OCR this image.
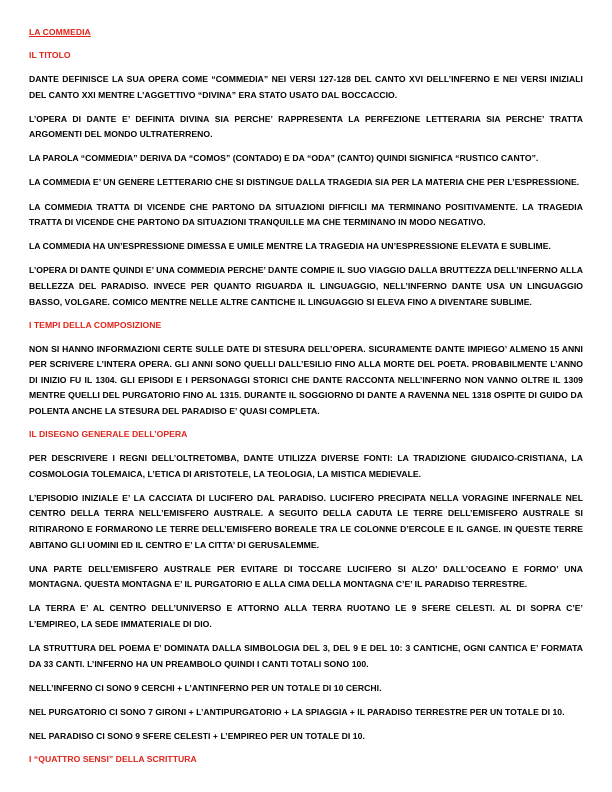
LA COMMEDIA
IL TITOLO

DANTE DEFINISCE LA SUA OPERA COME “COMMEDIA” NEI VERSI 127-128 DEL CANTO XVI DELL’INFERNO E NEI VERSI INIZIALI DEL CANTO XXI MENTRE L’AGGETTIVO “DIVINA” ERA STATO USATO DAL BOCCACCIO.

L’OPERA DI DANTE E’ DEFINITA DIVINA SIA PERCHE’ RAPPRESENTA LA PERFEZIONE LETTERARIA SIA PERCHE’ TRATTA ARGOMENTI DEL MONDO ULTRATERRENO.

LA PAROLA “COMMEDIA” DERIVA DA “COMOS” (CONTADO) E DA “ODA” (CANTO) QUINDI SIGNIFICA “RUSTICO CANTO”.

LA COMMEDIA E’ UN GENERE LETTERARIO CHE SI DISTINGUE DALLA TRAGEDIA SIA PER LA MATERIA CHE PER L’ESPRESSIONE.

LA COMMEDIA TRATTA DI VICENDE CHE PARTONO DA SITUAZIONI DIFFICILI MA TERMINANO POSITIVAMENTE. LA TRAGEDIA TRATTA DI VICENDE CHE PARTONO DA SITUAZIONI TRANQUILLE MA CHE TERMINANO IN MODO NEGATIVO.

LA COMMEDIA HA UN’ESPRESSIONE DIMESSA E UMILE MENTRE LA TRAGEDIA HA UN’ESPRESSIONE ELEVATA E SUBLIME.

L’OPERA DI DANTE QUINDI E’ UNA COMMEDIA PERCHE’ DANTE COMPIE IL SUO VIAGGIO DALLA BRUTTEZZA DELL’INFERNO ALLA BELLEZZA DEL PARADISO. INVECE PER QUANTO RIGUARDA IL LINGUAGGIO, NELL’INFERNO DANTE USA UN LINGUAGGIO BASSO, VOLGARE. COMICO MENTRE NELLE ALTRE CANTICHE IL LINGUAGGIO SI ELEVA FINO A DIVENTARE SUBLIME.

I TEMPI DELLA COMPOSIZIONE

NON SI HANNO INFORMAZIONI CERTE SULLE DATE DI STESURA DELL’OPERA. SICURAMENTE DANTE IMPIEGO’ ALMENO 15 ANNI PER SCRIVERE L’INTERA OPERA. GLI ANNI SONO QUELLI DALL’ESILIO FINO ALLA MORTE DEL POETA. PROBABILMENTE L’ANNO DI INIZIO FU IL 1304. GLI EPISODI E I PERSONAGGI STORICI CHE DANTE RACCONTA NELL’INFERNO NON VANNO OLTRE IL 1309 MENTRE QUELLI DEL PURGATORIO FINO AL 1315. DURANTE IL SOGGIORNO DI DANTE A RAVENNA NEL 1318 OSPITE DI GUIDO DA POLENTA ANCHE LA STESURA DEL PARADISO E’ QUASI COMPLETA.

IL DISEGNO GENERALE DELL’OPERA

PER DESCRIVERE I REGNI DELL’OLTRETOMBA, DANTE UTILIZZA DIVERSE FONTI: LA TRADIZIONE GIUDAICO-CRISTIANA, LA COSMOLOGIA TOLEMAICA, L’ETICA DI ARISTOTELE, LA TEOLOGIA, LA MISTICA MEDIEVALE.

L’EPISODIO INIZIALE E’ LA CACCIATA DI LUCIFERO DAL PARADISO. LUCIFERO PRECIPATA NELLA VORAGINE INFERNALE NEL CENTRO DELLA TERRA NELL’EMISFERO AUSTRALE. A SEGUITO DELLA CADUTA LE TERRE DELL’EMISFERO AUSTRALE SI RITIRARONO E FORMARONO LE TERRE DELL’EMISFERO BOREALE TRA LE COLONNE D’ERCOLE E IL GANGE. IN QUESTE TERRE ABITANO GLI UOMINI ED IL CENTRO E’ LA CITTA’ DI GERUSALEMME.

UNA PARTE DELL’EMISFERO AUSTRALE PER EVITARE DI TOCCARE LUCIFERO SI ALZO’ DALL’OCEANO E FORMO’ UNA MONTAGNA. QUESTA MONTAGNA E’ IL PURGATORIO E ALLA CIMA DELLA MONTAGNA C’E’ IL PARADISO TERRESTRE.

LA TERRA E’ AL CENTRO DELL’UNIVERSO E ATTORNO ALLA TERRA RUOTANO LE 9 SFERE CELESTI. AL DI SOPRA C’E’ L’EMPIREO, LA SEDE IMMATERIALE DI DIO.

LA STRUTTURA DEL POEMA E’ DOMINATA DALLA SIMBOLOGIA DEL 3, DEL 9 E DEL 10: 3 CANTICHE, OGNI CANTICA E’ FORMATA DA 33 CANTI. L’INFERNO HA UN PREAMBOLO QUINDI I CANTI TOTALI SONO 100.

NELL’INFERNO CI SONO 9 CERCHI + L’ANTINFERNO PER UN TOTALE DI 10 CERCHI.

NEL PURGATORIO CI SONO 7 GIRONI + L’ANTIPURGATORIO + LA SPIAGGIA + IL PARADISO TERRESTRE PER UN TOTALE DI 10.

NEL PARADISO CI SONO 9 SFERE CELESTI + L’EMPIREO PER UN TOTALE DI 10.

I “QUATTRO SENSI” DELLA SCRITTURA
